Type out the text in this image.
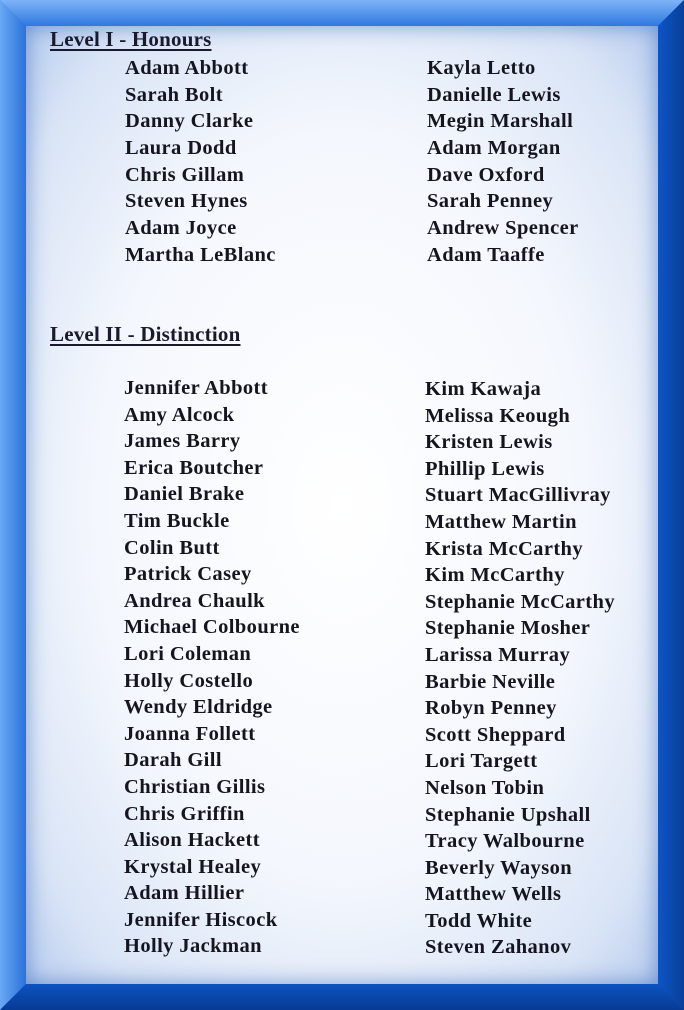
Level I - Honours
Adam Abbott
Sarah Bolt
Danny Clarke
Laura Dodd
Chris Gillam
Steven Hynes
Adam Joyce
Martha LeBlanc
Kayla Letto
Danielle Lewis
Megin Marshall
Adam Morgan
Dave Oxford
Sarah Penney
Andrew Spencer
Adam Taaffe
Level II - Distinction
Jennifer Abbott
Amy Alcock
James Barry
Erica Boutcher
Daniel Brake
Tim Buckle
Colin Butt
Patrick Casey
Andrea Chaulk
Michael Colbourne
Lori Coleman
Holly Costello
Wendy Eldridge
Joanna Follett
Darah Gill
Christian Gillis
Chris Griffin
Alison Hackett
Krystal Healey
Adam Hillier
Jennifer Hiscock
Holly Jackman
Kim Kawaja
Melissa Keough
Kristen Lewis
Phillip Lewis
Stuart MacGillivray
Matthew Martin
Krista McCarthy
Kim McCarthy
Stephanie McCarthy
Stephanie Mosher
Larissa Murray
Barbie Neville
Robyn Penney
Scott Sheppard
Lori Targett
Nelson Tobin
Stephanie Upshall
Tracy Walbourne
Beverly Wayson
Matthew Wells
Todd White
Steven Zahanov
